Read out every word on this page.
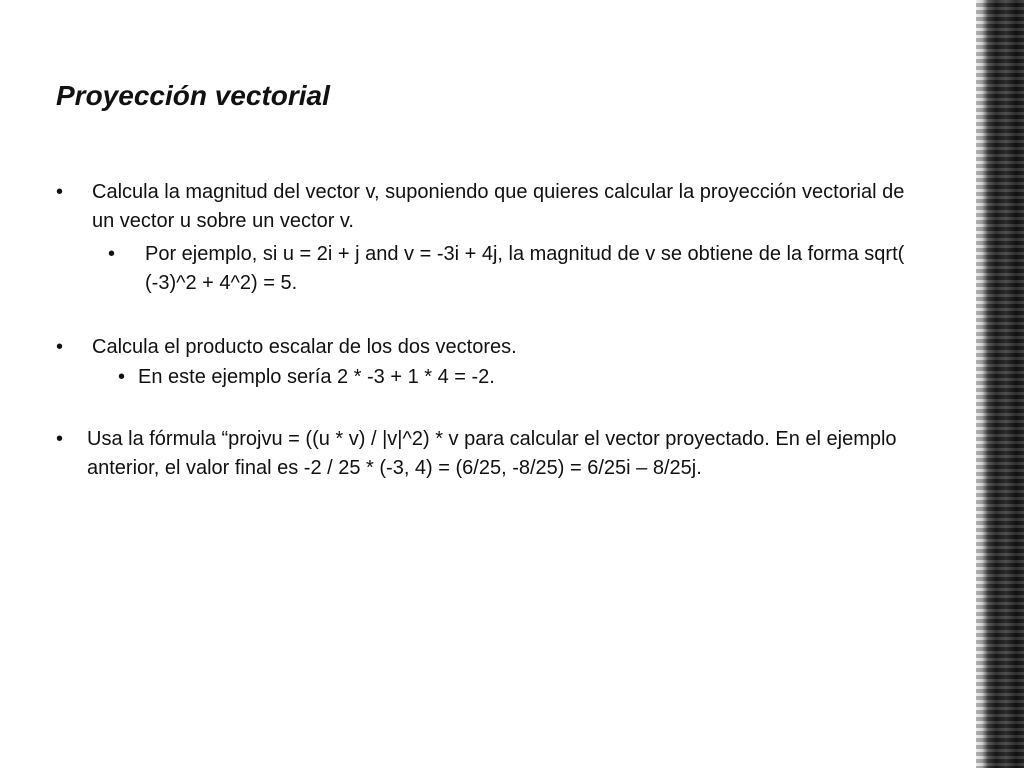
Proyección vectorial
• Calcula la magnitud del vector v, suponiendo que quieres calcular la proyección vectorial de un vector u sobre un vector v.

• Por ejemplo, si u = 2i + j and v = -3i + 4j, la magnitud de v se obtiene de la forma sqrt( (-3)^2 + 4^2) = 5.

• Calcula el producto escalar de los dos vectores.

• En este ejemplo sería 2 * -3 + 1 * 4 = -2.

• Usa la fórmula “projvu = ((u * v) / |v|^2) * v para calcular el vector proyectado. En el ejemplo anterior, el valor final es -2 / 25 * (-3, 4) = (6/25, -8/25) = 6/25i – 8/25j.
